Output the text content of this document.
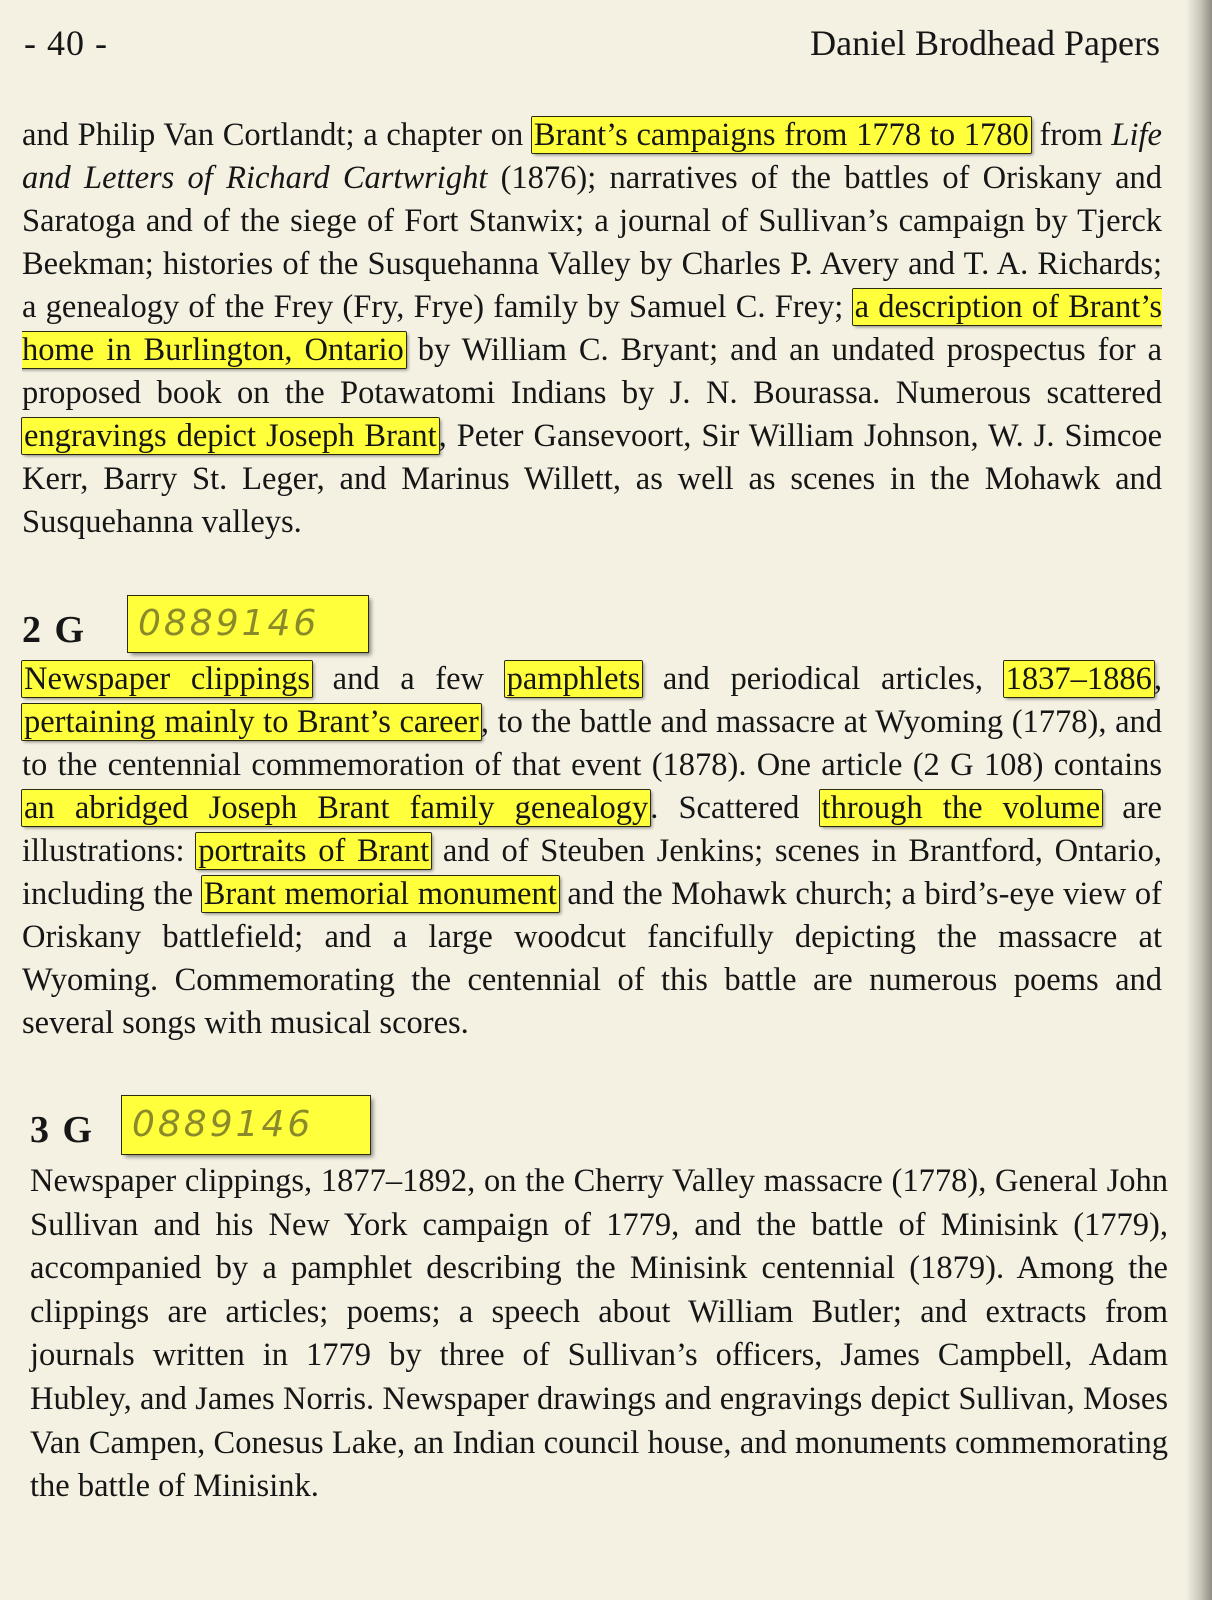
- 40 -	Daniel Brodhead Papers
and Philip Van Cortlandt; a chapter on Brant’s campaigns from 1778 to 1780 from Life and Letters of Richard Cartwright (1876); narratives of the battles of Oriskany and Saratoga and of the siege of Fort Stanwix; a journal of Sullivan’s campaign by Tjerck Beekman; histories of the Susquehanna Valley by Charles P. Avery and T. A. Richards; a genealogy of the Frey (Fry, Frye) family by Samuel C. Frey; a description of Brant’s home in Burlington, Ontario by William C. Bryant; and an undated prospectus for a proposed book on the Potawatomi Indians by J. N. Bourassa. Numerous scattered engravings depict Joseph Brant, Peter Gansevoort, Sir William Johnson, W. J. Simcoe Kerr, Barry St. Leger, and Marinus Willett, as well as scenes in the Mohawk and Susquehanna valleys.
2 G 0889146
Newspaper clippings and a few pamphlets and periodical articles, 1837–1886, pertaining mainly to Brant’s career, to the battle and massacre at Wyoming (1778), and to the centennial commemoration of that event (1878). One article (2 G 108) contains an abridged Joseph Brant family genealogy. Scattered through the volume are illustrations: portraits of Brant and of Steuben Jenkins; scenes in Brantford, Ontario, including the Brant memorial monument and the Mohawk church; a bird’s-eye view of Oriskany battlefield; and a large woodcut fancifully depicting the massacre at Wyoming. Commemorating the centennial of this battle are numerous poems and several songs with musical scores.
3 G 0889146
Newspaper clippings, 1877–1892, on the Cherry Valley massacre (1778), General John Sullivan and his New York campaign of 1779, and the battle of Minisink (1779), accompanied by a pamphlet describing the Minisink centennial (1879). Among the clippings are articles; poems; a speech about William Butler; and extracts from journals written in 1779 by three of Sullivan’s officers, James Campbell, Adam Hubley, and James Norris. Newspaper drawings and engravings depict Sullivan, Moses Van Campen, Conesus Lake, an Indian council house, and monuments commemorating the battle of Minisink.
